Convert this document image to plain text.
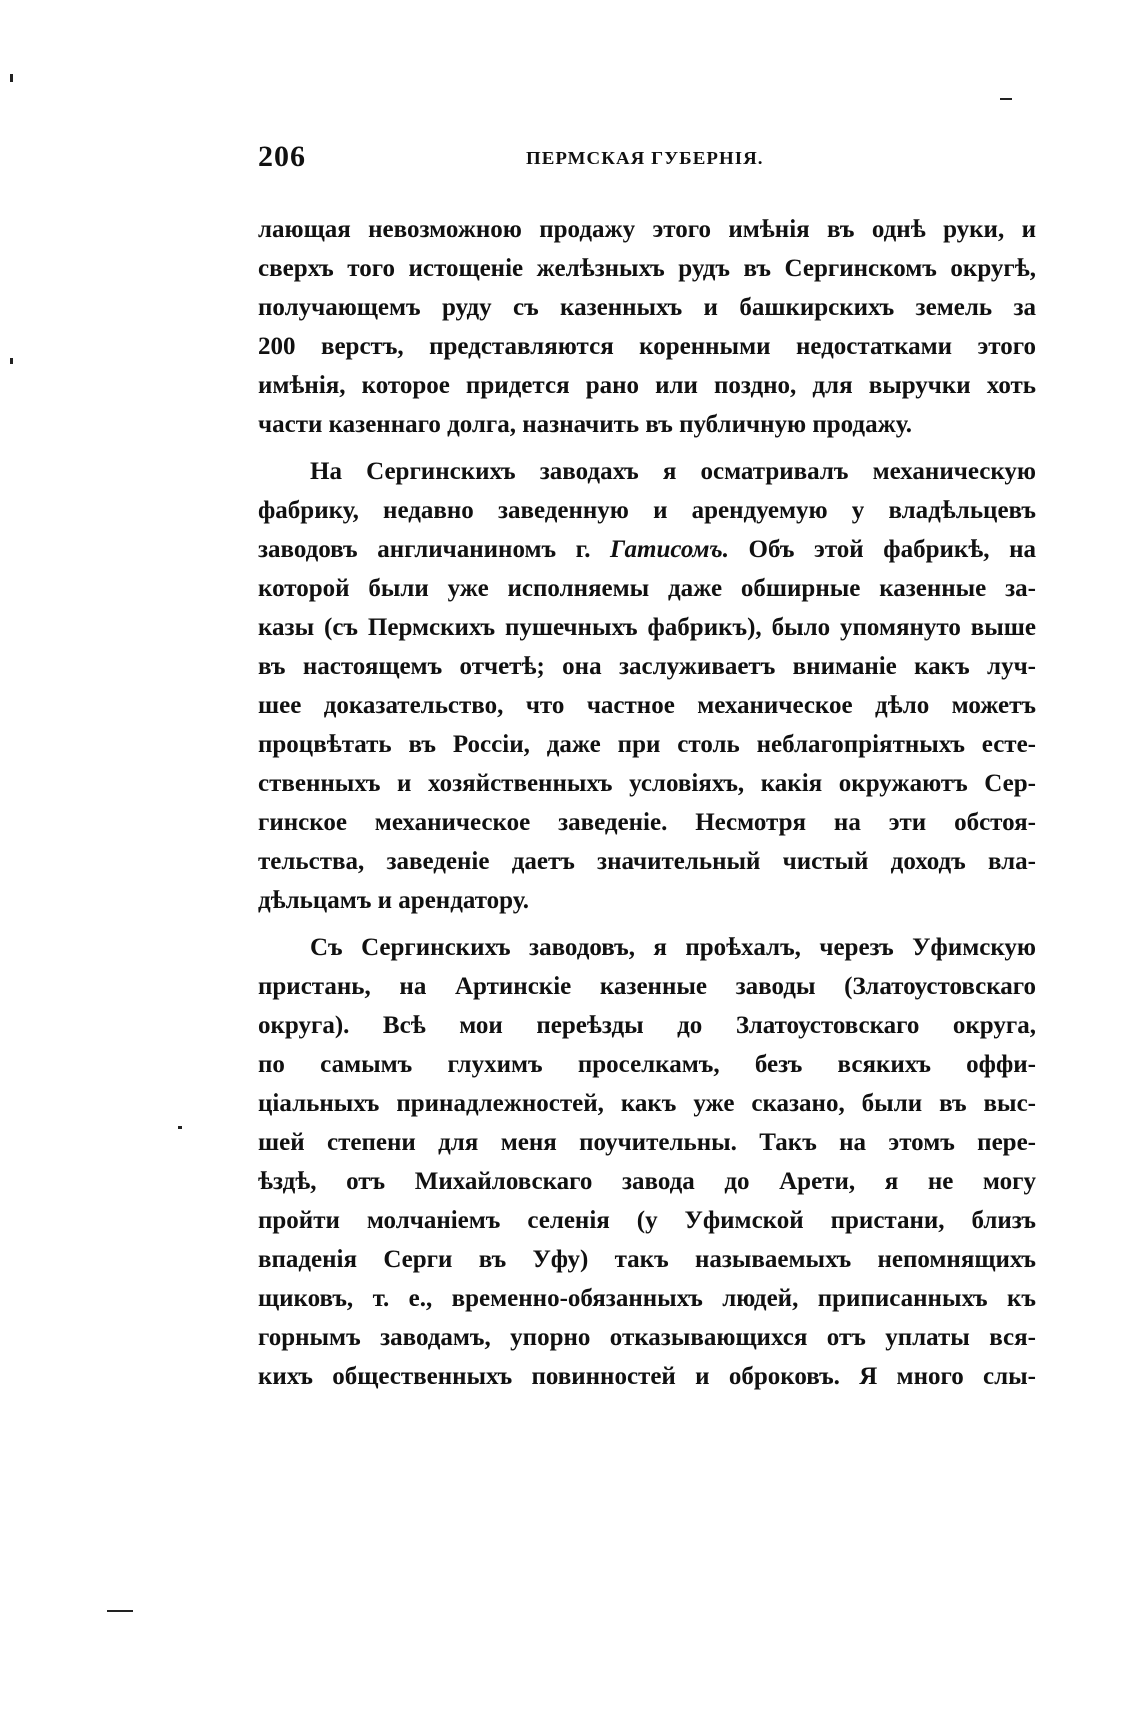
206	ПЕРМСКАЯ ГУБЕРНІЯ.
лающая невозможною продажу этого имѣнія въ однѣ руки, и
сверхъ того истощеніе желѣзныхъ рудъ въ Сергинскомъ округѣ,
получающемъ руду съ казенныхъ и башкирскихъ земель за
200 верстъ, представляются коренными недостатками этого
имѣнія, которое придется рано или поздно, для выручки хоть
части казеннаго долга, назначить въ публичную продажу.
На Сергинскихъ заводахъ я осматривалъ механическую
фабрику, недавно заведенную и арендуемую у владѣльцевъ
заводовъ англичаниномъ г. Гатисомъ. Объ этой фабрикѣ, на
которой были уже исполняемы даже обширные казенные за-
казы (съ Пермскихъ пушечныхъ фабрикъ), было упомянуто выше
въ настоящемъ отчетѣ; она заслуживаетъ вниманіе какъ луч-
шее доказательство, что частное механическое дѣло можетъ
процвѣтать въ Россіи, даже при столь неблагопріятныхъ есте-
ственныхъ и хозяйственныхъ условіяхъ, какія окружаютъ Сер-
гинское механическое заведеніе. Несмотря на эти обстоя-
тельства, заведеніе даетъ значительный чистый доходъ вла-
дѣльцамъ и арендатору.
Съ Сергинскихъ заводовъ, я проѣхалъ, черезъ Уфимскую
пристань, на Артинскіе казенные заводы (Златоустовскаго
округа). Всѣ мои переѣзды до Златоустовскаго округа,
по самымъ глухимъ проселкамъ, безъ всякихъ оффи-
ціальныхъ принадлежностей, какъ уже сказано, были въ выс-
шей степени для меня поучительны. Такъ на этомъ пере-
ѣздѣ, отъ Михайловскаго завода до Арети, я не могу
пройти молчаніемъ селенія (у Уфимской пристани, близъ
впаденія Серги въ Уфу) такъ называемыхъ непомнящихъ
щиковъ, т. е., временно-обязанныхъ людей, приписанныхъ къ
горнымъ заводамъ, упорно отказывающихся отъ уплаты вся-
кихъ общественныхъ повинностей и оброковъ. Я много слы-
